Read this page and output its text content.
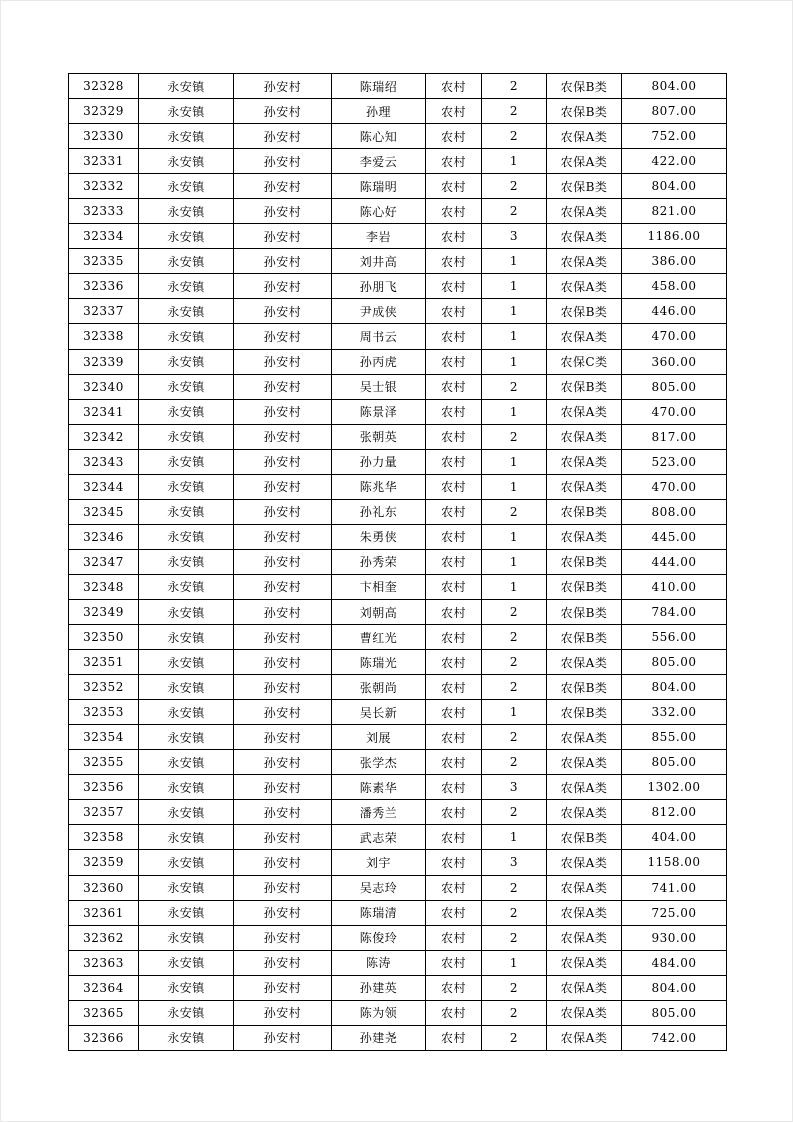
32328	永安镇	孙安村	陈瑞绍	农村	2	农保B类	804.00
32329	永安镇	孙安村	孙理	农村	2	农保B类	807.00
32330	永安镇	孙安村	陈心知	农村	2	农保A类	752.00
32331	永安镇	孙安村	李爱云	农村	1	农保A类	422.00
32332	永安镇	孙安村	陈瑞明	农村	2	农保B类	804.00
32333	永安镇	孙安村	陈心好	农村	2	农保A类	821.00
32334	永安镇	孙安村	李岩	农村	3	农保A类	1186.00
32335	永安镇	孙安村	刘井高	农村	1	农保A类	386.00
32336	永安镇	孙安村	孙朋飞	农村	1	农保A类	458.00
32337	永安镇	孙安村	尹成侠	农村	1	农保B类	446.00
32338	永安镇	孙安村	周书云	农村	1	农保A类	470.00
32339	永安镇	孙安村	孙丙虎	农村	1	农保C类	360.00
32340	永安镇	孙安村	吴士银	农村	2	农保B类	805.00
32341	永安镇	孙安村	陈景泽	农村	1	农保A类	470.00
32342	永安镇	孙安村	张朝英	农村	2	农保A类	817.00
32343	永安镇	孙安村	孙力量	农村	1	农保A类	523.00
32344	永安镇	孙安村	陈兆华	农村	1	农保A类	470.00
32345	永安镇	孙安村	孙礼东	农村	2	农保B类	808.00
32346	永安镇	孙安村	朱勇侠	农村	1	农保A类	445.00
32347	永安镇	孙安村	孙秀荣	农村	1	农保B类	444.00
32348	永安镇	孙安村	卞相奎	农村	1	农保B类	410.00
32349	永安镇	孙安村	刘朝高	农村	2	农保B类	784.00
32350	永安镇	孙安村	曹红光	农村	2	农保B类	556.00
32351	永安镇	孙安村	陈瑞光	农村	2	农保A类	805.00
32352	永安镇	孙安村	张朝尚	农村	2	农保B类	804.00
32353	永安镇	孙安村	吴长新	农村	1	农保B类	332.00
32354	永安镇	孙安村	刘展	农村	2	农保A类	855.00
32355	永安镇	孙安村	张学杰	农村	2	农保A类	805.00
32356	永安镇	孙安村	陈素华	农村	3	农保A类	1302.00
32357	永安镇	孙安村	潘秀兰	农村	2	农保A类	812.00
32358	永安镇	孙安村	武志荣	农村	1	农保B类	404.00
32359	永安镇	孙安村	刘宇	农村	3	农保A类	1158.00
32360	永安镇	孙安村	吴志玲	农村	2	农保A类	741.00
32361	永安镇	孙安村	陈瑞清	农村	2	农保A类	725.00
32362	永安镇	孙安村	陈俊玲	农村	2	农保A类	930.00
32363	永安镇	孙安村	陈涛	农村	1	农保A类	484.00
32364	永安镇	孙安村	孙建英	农村	2	农保A类	804.00
32365	永安镇	孙安村	陈为领	农村	2	农保A类	805.00
32366	永安镇	孙安村	孙建尧	农村	2	农保A类	742.00
